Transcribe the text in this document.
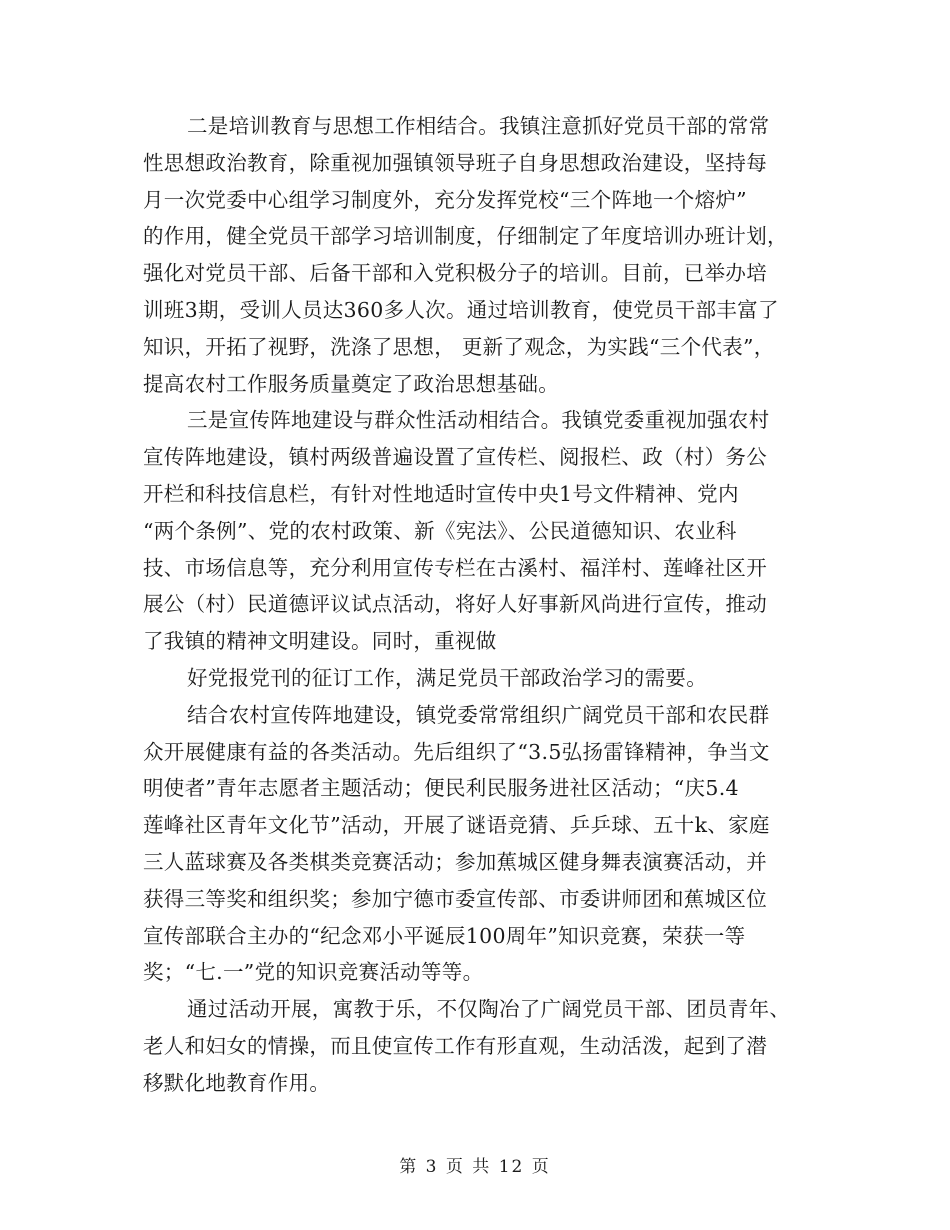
二是培训教育与思想工作相结合。我镇注意抓好党员干部的常常
性思想政治教育，除重视加强镇领导班子自身思想政治建设，坚持每
月一次党委中心组学习制度外，充分发挥党校“三个阵地一个熔炉”
的作用，健全党员干部学习培训制度，仔细制定了年度培训办班计划，
强化对党员干部、后备干部和入党积极分子的培训。目前，已举办培
训班3期，受训人员达360多人次。通过培训教育，使党员干部丰富了
知识，开拓了视野，洗涤了思想， 更新了观念，为实践“三个代表”，
提高农村工作服务质量奠定了政治思想基础。
三是宣传阵地建设与群众性活动相结合。我镇党委重视加强农村
宣传阵地建设，镇村两级普遍设置了宣传栏、阅报栏、政（村）务公
开栏和科技信息栏，有针对性地适时宣传中央1号文件精神、党内
“两个条例”、党的农村政策、新《宪法》、公民道德知识、农业科
技、市场信息等，充分利用宣传专栏在古溪村、福洋村、莲峰社区开
展公（村）民道德评议试点活动，将好人好事新风尚进行宣传，推动
了我镇的精神文明建设。同时，重视做
好党报党刊的征订工作，满足党员干部政治学习的需要。
结合农村宣传阵地建设，镇党委常常组织广阔党员干部和农民群
众开展健康有益的各类活动。先后组织了“3.5弘扬雷锋精神，争当文
明使者”青年志愿者主题活动；便民利民服务进社区活动；“庆5.4
莲峰社区青年文化节”活动，开展了谜语竞猜、乒乒球、五十k、家庭
三人蓝球赛及各类棋类竞赛活动；参加蕉城区健身舞表演赛活动，并
获得三等奖和组织奖；参加宁德市委宣传部、市委讲师团和蕉城区位
宣传部联合主办的“纪念邓小平诞辰100周年”知识竞赛，荣获一等
奖；“七.一”党的知识竞赛活动等等。
通过活动开展，寓教于乐，不仅陶冶了广阔党员干部、团员青年、
老人和妇女的情操，而且使宣传工作有形直观，生动活泼，起到了潜
移默化地教育作用。
第 3 页 共 12 页
